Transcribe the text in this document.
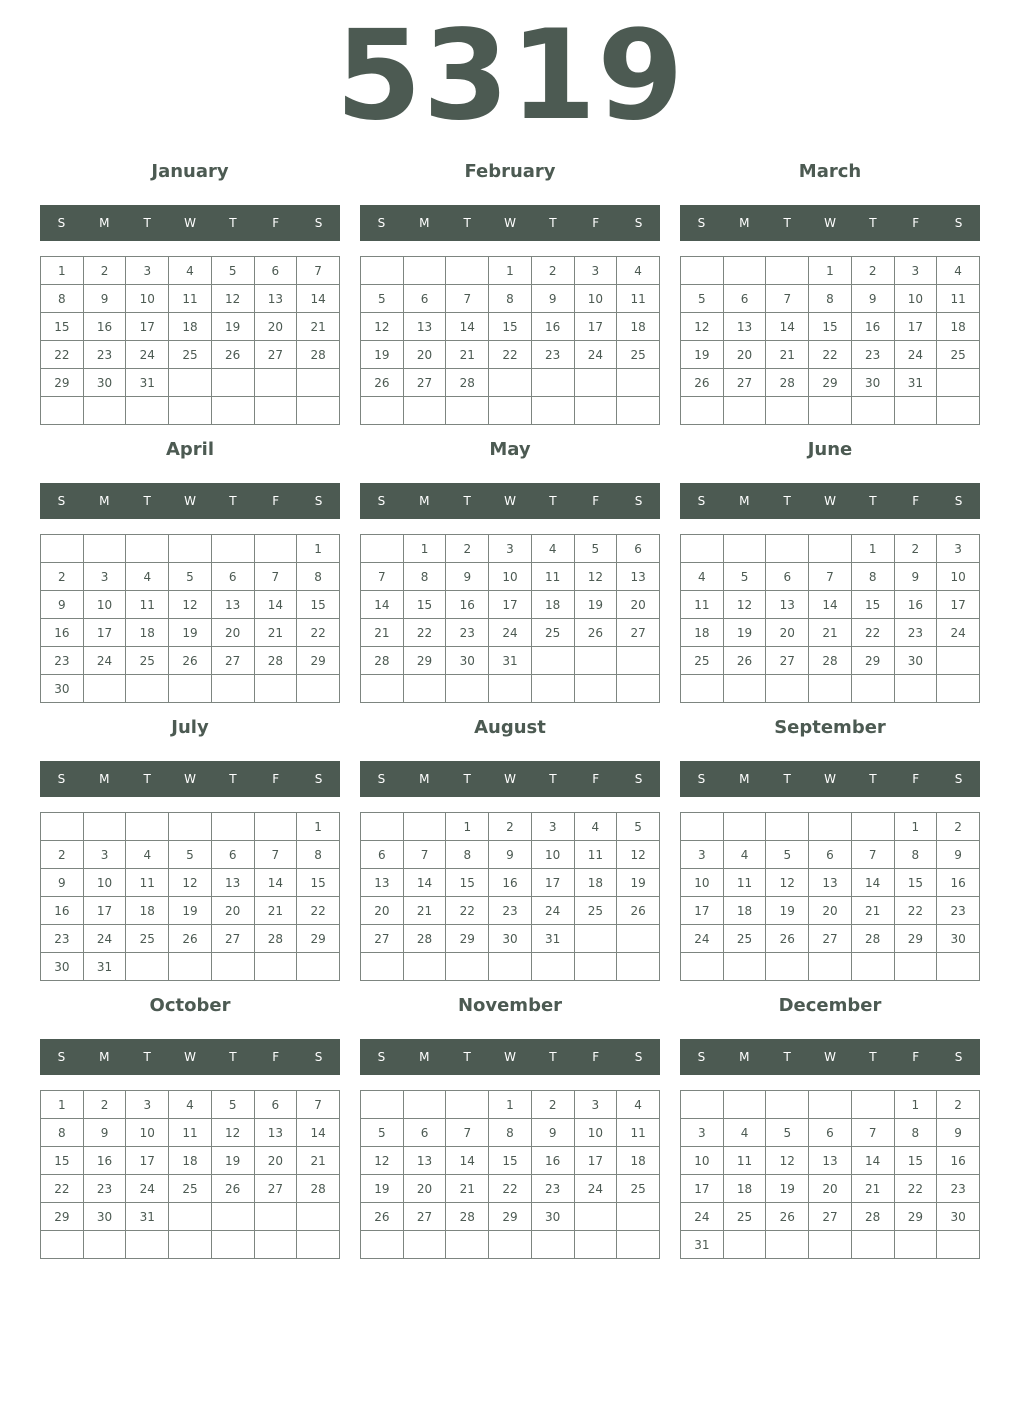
5319
January
S	M	T	W	T	F	S
1	2	3	4	5	6	7
8	9	10	11	12	13	14
15	16	17	18	19	20	21
22	23	24	25	26	27	28
29	30	31				

February
S	M	T	W	T	F	S
			1	2	3	4
5	6	7	8	9	10	11
12	13	14	15	16	17	18
19	20	21	22	23	24	25
26	27	28				

March
S	M	T	W	T	F	S
			1	2	3	4
5	6	7	8	9	10	11
12	13	14	15	16	17	18
19	20	21	22	23	24	25
26	27	28	29	30	31	

April
S	M	T	W	T	F	S
						1
2	3	4	5	6	7	8
9	10	11	12	13	14	15
16	17	18	19	20	21	22
23	24	25	26	27	28	29
30						
May
S	M	T	W	T	F	S
	1	2	3	4	5	6
7	8	9	10	11	12	13
14	15	16	17	18	19	20
21	22	23	24	25	26	27
28	29	30	31			

June
S	M	T	W	T	F	S
				1	2	3
4	5	6	7	8	9	10
11	12	13	14	15	16	17
18	19	20	21	22	23	24
25	26	27	28	29	30	

July
S	M	T	W	T	F	S
						1
2	3	4	5	6	7	8
9	10	11	12	13	14	15
16	17	18	19	20	21	22
23	24	25	26	27	28	29
30	31					
August
S	M	T	W	T	F	S
		1	2	3	4	5
6	7	8	9	10	11	12
13	14	15	16	17	18	19
20	21	22	23	24	25	26
27	28	29	30	31		

September
S	M	T	W	T	F	S
					1	2
3	4	5	6	7	8	9
10	11	12	13	14	15	16
17	18	19	20	21	22	23
24	25	26	27	28	29	30

October
S	M	T	W	T	F	S
1	2	3	4	5	6	7
8	9	10	11	12	13	14
15	16	17	18	19	20	21
22	23	24	25	26	27	28
29	30	31				

November
S	M	T	W	T	F	S
			1	2	3	4
5	6	7	8	9	10	11
12	13	14	15	16	17	18
19	20	21	22	23	24	25
26	27	28	29	30		

December
S	M	T	W	T	F	S
					1	2
3	4	5	6	7	8	9
10	11	12	13	14	15	16
17	18	19	20	21	22	23
24	25	26	27	28	29	30
31						
